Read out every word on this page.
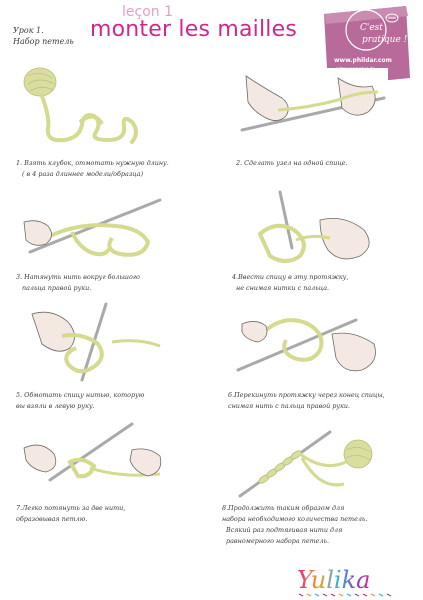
Урок 1.
Набор петель
leçon 1
monter les mailles	C'est
pratique !
www.phildar.com
1. Взять клубок, отмотать нужную длину.
( в 4 раза длиннее модели/образца)
2. Сделать узел на одной спице.
3. Натянуть нить вокруг большого
пальца правой руки.
4.Ввести спицу в эту протяжку,
не снимая нитки с пальца.
5. Обмотать спицу нитью, которую
вы взяли в левую руку.
6.Перекинуть протяжку через конец спицы,
снимая нить с пальца правой руки.
7.Легко потянуть за две нити,
образовывая петлю.
8.Продолжить таким образом для
набора необходимого количества петель.
Всякий раз подтягивая нити для
равномерного набора петель.
Yulika
